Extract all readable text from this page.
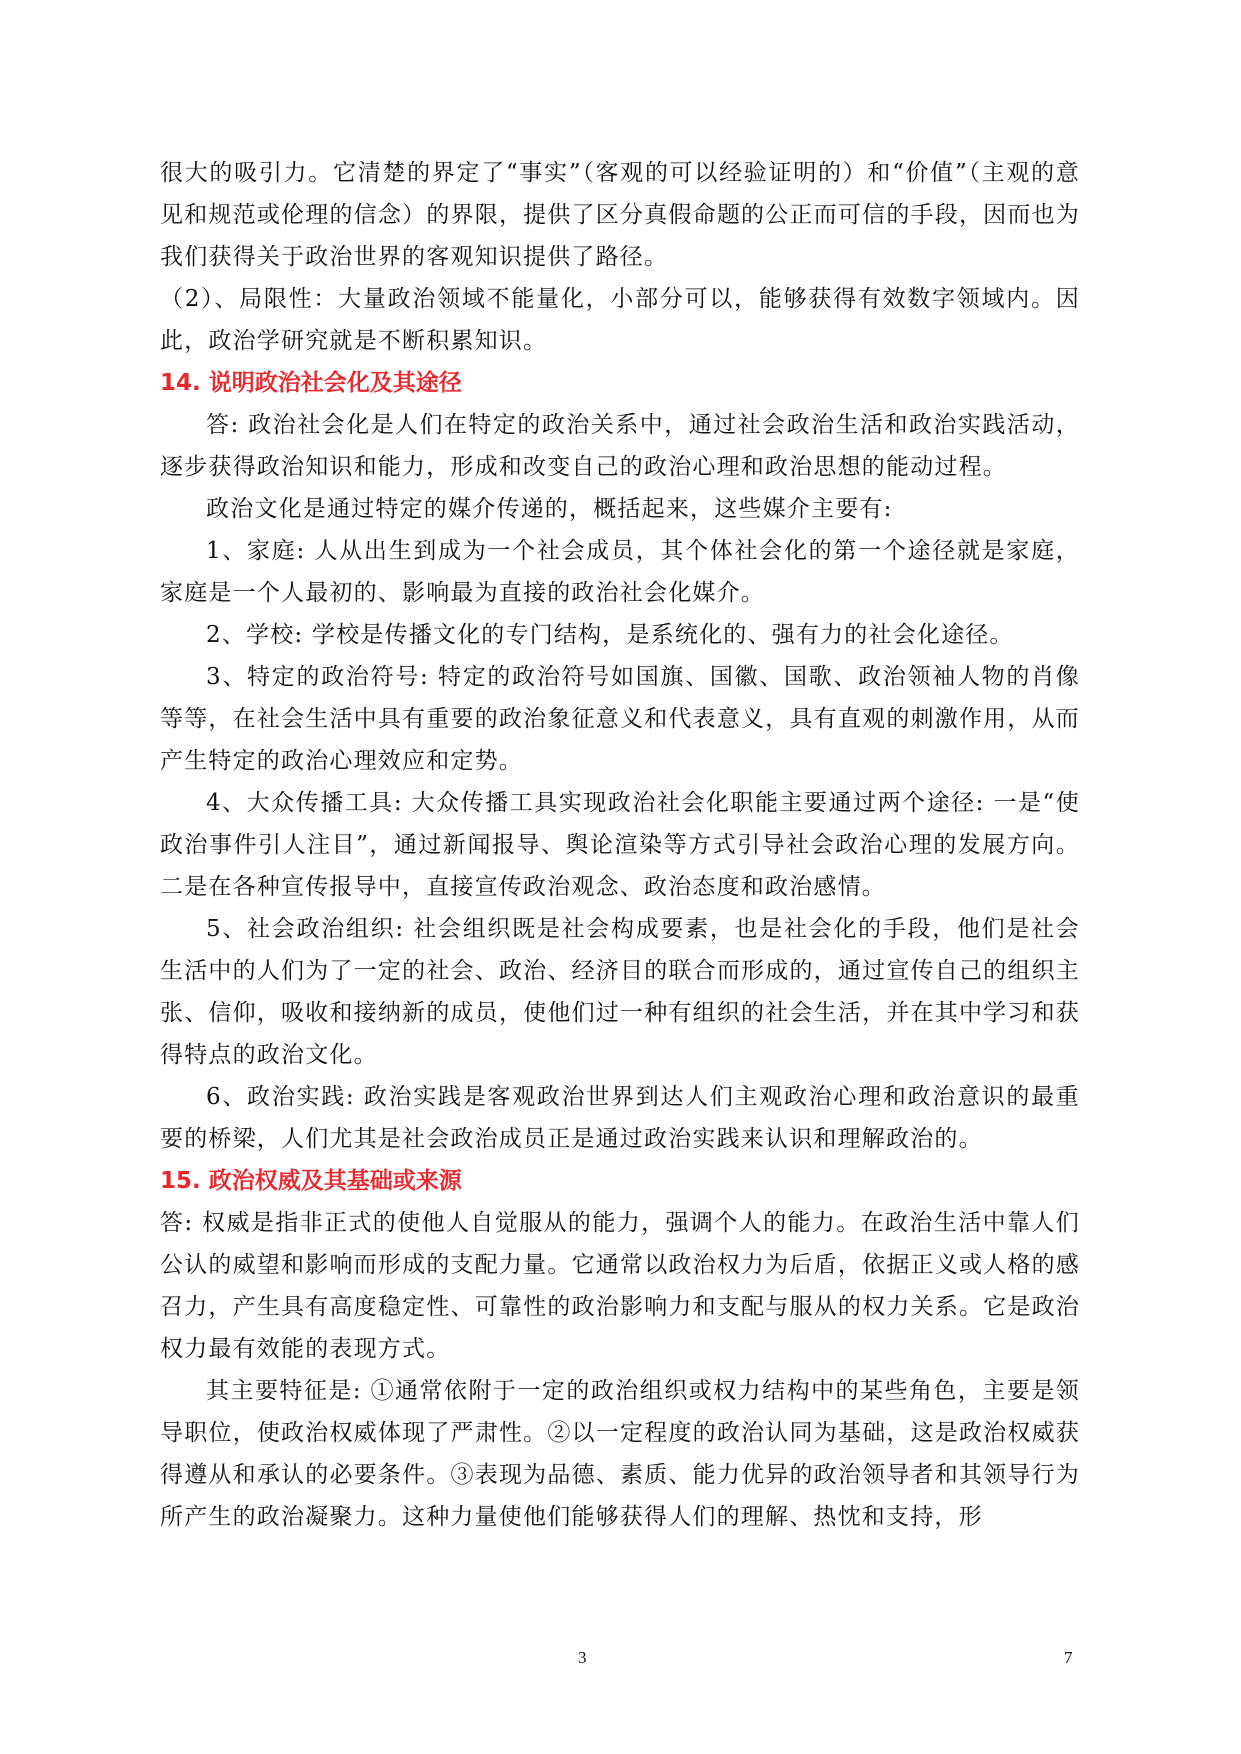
很大的吸引力。它清楚的界定了“事实”（客观的可以经验证明的）和“价值”（主观的意见和规范或伦理的信念）的界限，提供了区分真假命题的公正而可信的手段，因而也为我们获得关于政治世界的客观知识提供了路径。

（2）、局限性：大量政治领域不能量化，小部分可以，能够获得有效数字领域内。因此，政治学研究就是不断积累知识。

14. 说明政治社会化及其途径

答: 政治社会化是人们在特定的政治关系中，通过社会政治生活和政治实践活动，逐步获得政治知识和能力，形成和改变自己的政治心理和政治思想的能动过程。

政治文化是通过特定的媒介传递的，概括起来，这些媒介主要有:

1、家庭: 人从出生到成为一个社会成员，其个体社会化的第一个途径就是家庭，家庭是一个人最初的、影响最为直接的政治社会化媒介。

2、学校: 学校是传播文化的专门结构，是系统化的、强有力的社会化途径。

3、特定的政治符号: 特定的政治符号如国旗、国徽、国歌、政治领袖人物的肖像等等，在社会生活中具有重要的政治象征意义和代表意义，具有直观的刺激作用，从而产生特定的政治心理效应和定势。

4、大众传播工具: 大众传播工具实现政治社会化职能主要通过两个途径: 一是“使政治事件引人注目”，通过新闻报导、舆论渲染等方式引导社会政治心理的发展方向。二是在各种宣传报导中，直接宣传政治观念、政治态度和政治感情。

5、社会政治组织: 社会组织既是社会构成要素，也是社会化的手段，他们是社会生活中的人们为了一定的社会、政治、经济目的联合而形成的，通过宣传自己的组织主张、信仰，吸收和接纳新的成员，使他们过一种有组织的社会生活，并在其中学习和获得特点的政治文化。

6、政治实践: 政治实践是客观政治世界到达人们主观政治心理和政治意识的最重要的桥梁，人们尤其是社会政治成员正是通过政治实践来认识和理解政治的。

15. 政治权威及其基础或来源

答: 权威是指非正式的使他人自觉服从的能力，强调个人的能力。在政治生活中靠人们公认的威望和影响而形成的支配力量。它通常以政治权力为后盾，依据正义或人格的感召力，产生具有高度稳定性、可靠性的政治影响力和支配与服从的权力关系。它是政治权力最有效能的表现方式。

其主要特征是: ①通常依附于一定的政治组织或权力结构中的某些角色，主要是领导职位，使政治权威体现了严肃性。②以一定程度的政治认同为基础，这是政治权威获得遵从和承认的必要条件。③表现为品德、素质、能力优异的政治领导者和其领导行为所产生的政治凝聚力。这种力量使他们能够获得人们的理解、热忱和支持，形

3	7
